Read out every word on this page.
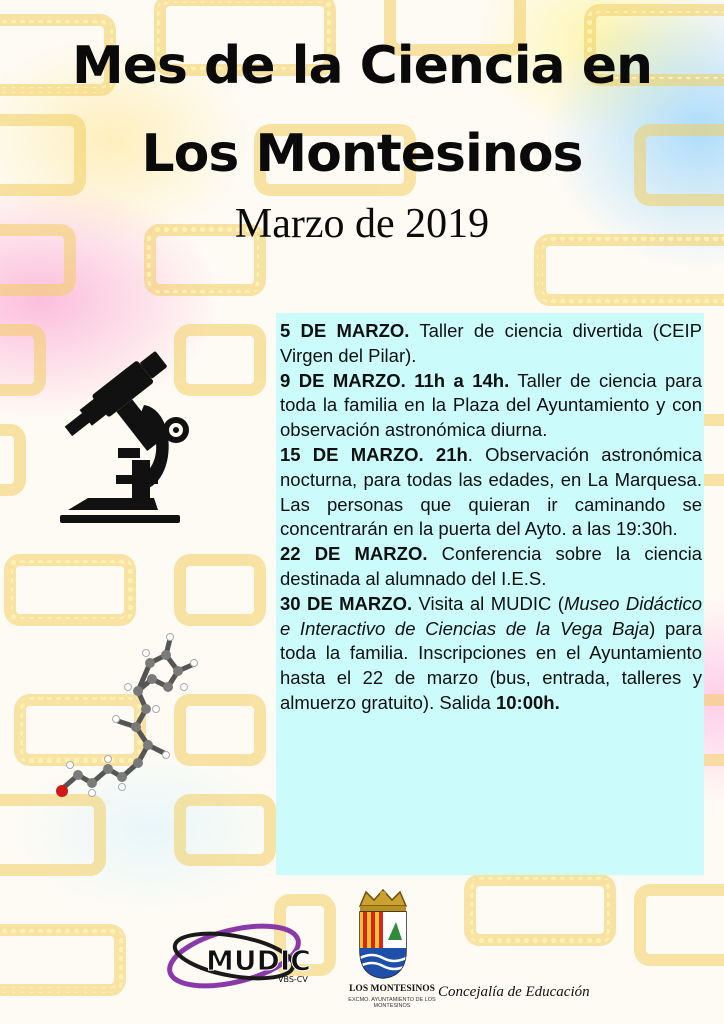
Mes de la Ciencia en
Los Montesinos
Marzo de 2019

5 DE MARZO. Taller de ciencia divertida (CEIP Virgen del Pilar).

9 DE MARZO. 11h a 14h. Taller de ciencia para toda la familia en la Plaza del Ayuntamiento y con observación astronómica diurna.

15 DE MARZO. 21h. Observación astronómica nocturna, para todas las edades, en La Marquesa. Las personas que quieran ir caminando se concentrarán en la puerta del Ayto. a las 19:30h.

22 DE MARZO. Conferencia sobre la ciencia destinada al alumnado del I.E.S.

30 DE MARZO. Visita al MUDIC (Museo Didáctico e Interactivo de Ciencias de la Vega Baja) para toda la familia. Inscripciones en el Ayuntamiento hasta el 22 de marzo (bus, entrada, talleres y almuerzo gratuito). Salida 10:00h.

MUDIC
VBS-CV
LOS MONTESINOS
EXCMO. AYUNTAMIENTO DE LOS MONTESINOS
Concejalía de Educación
